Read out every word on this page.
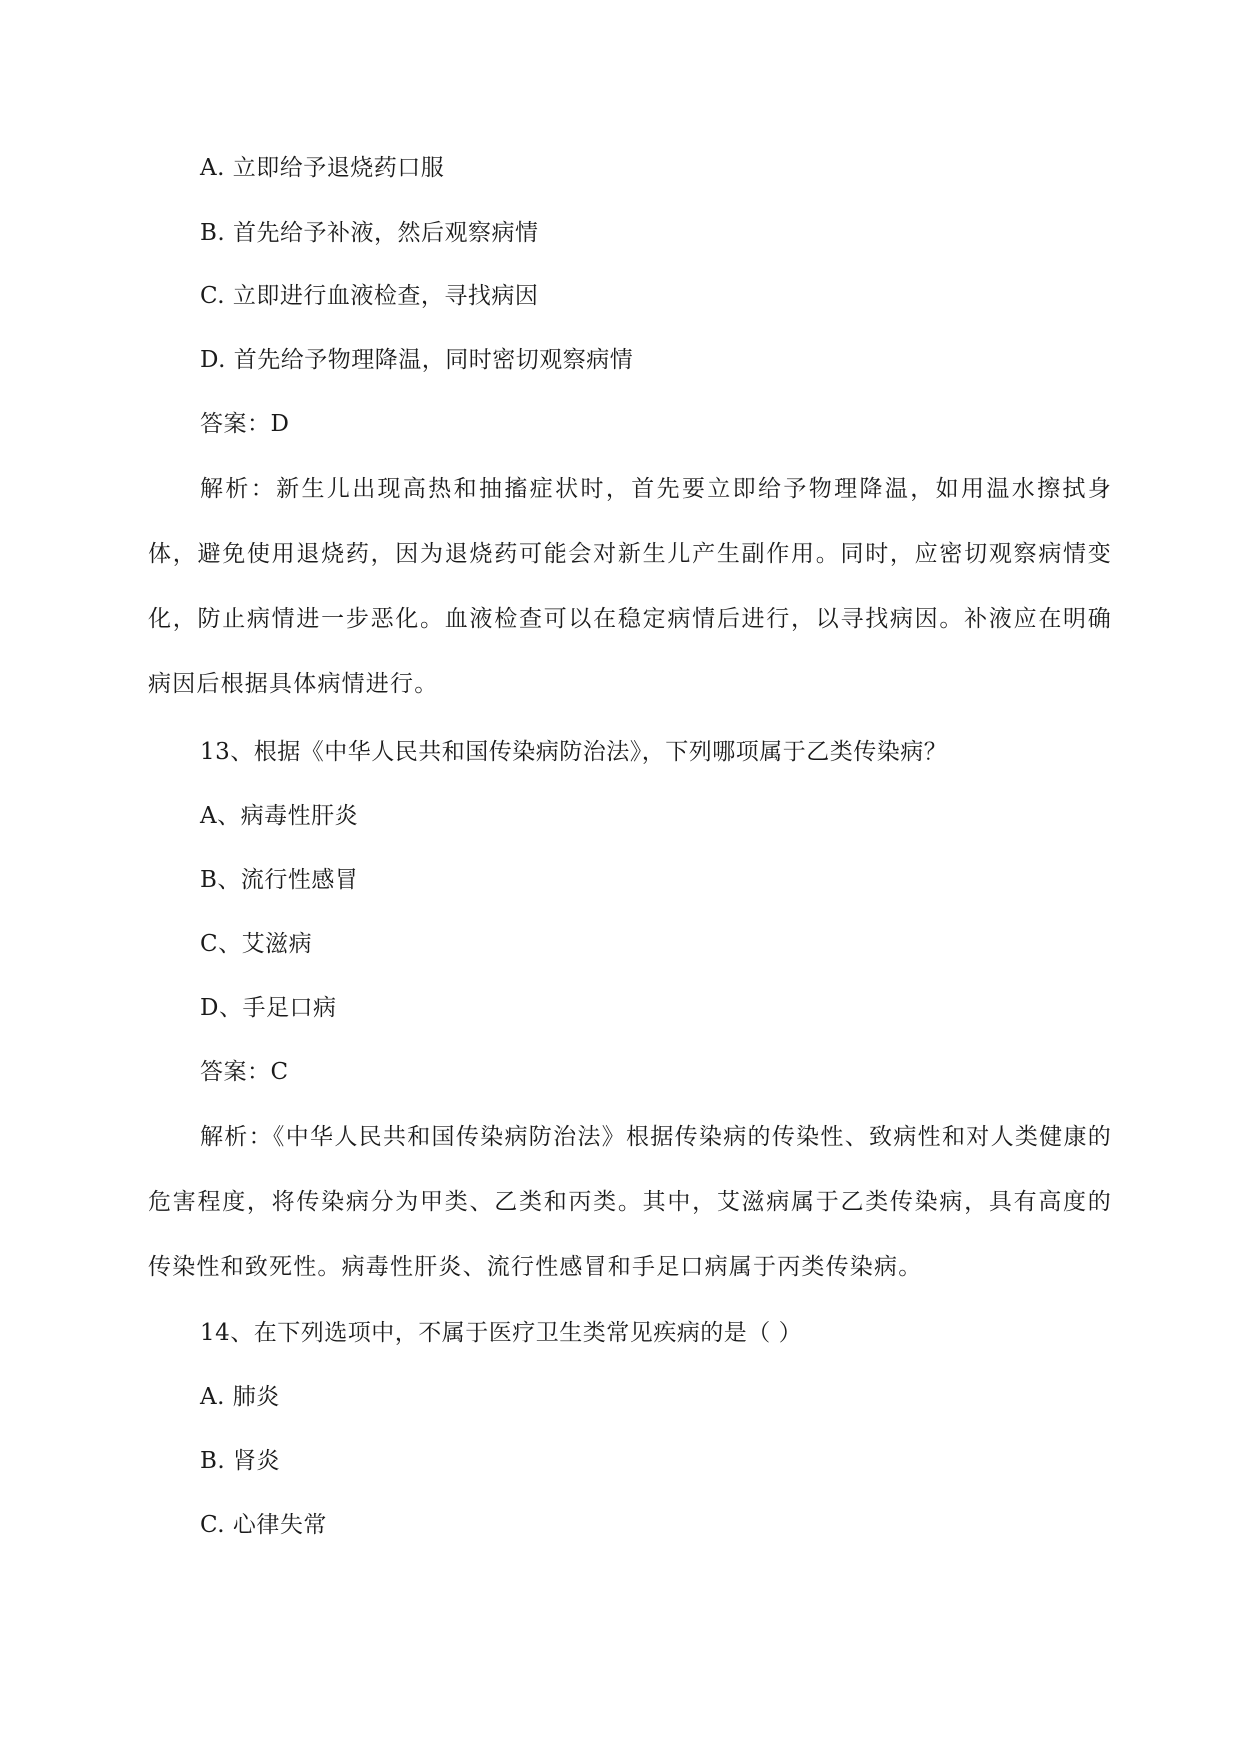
A. 立即给予退烧药口服
B. 首先给予补液，然后观察病情
C. 立即进行血液检查，寻找病因
D. 首先给予物理降温，同时密切观察病情
答案：D
解析：新生儿出现高热和抽搐症状时，首先要立即给予物理降温，如用温水擦拭身体，避免使用退烧药，因为退烧药可能会对新生儿产生副作用。同时，应密切观察病情变化，防止病情进一步恶化。血液检查可以在稳定病情后进行，以寻找病因。补液应在明确病因后根据具体病情进行。
13、根据《中华人民共和国传染病防治法》，下列哪项属于乙类传染病？
A、病毒性肝炎
B、流行性感冒
C、艾滋病
D、手足口病
答案：C
解析：《中华人民共和国传染病防治法》根据传染病的传染性、致病性和对人类健康的危害程度，将传染病分为甲类、乙类和丙类。其中，艾滋病属于乙类传染病，具有高度的传染性和致死性。病毒性肝炎、流行性感冒和手足口病属于丙类传染病。
14、在下列选项中，不属于医疗卫生类常见疾病的是（ ）
A. 肺炎
B. 肾炎
C. 心律失常
